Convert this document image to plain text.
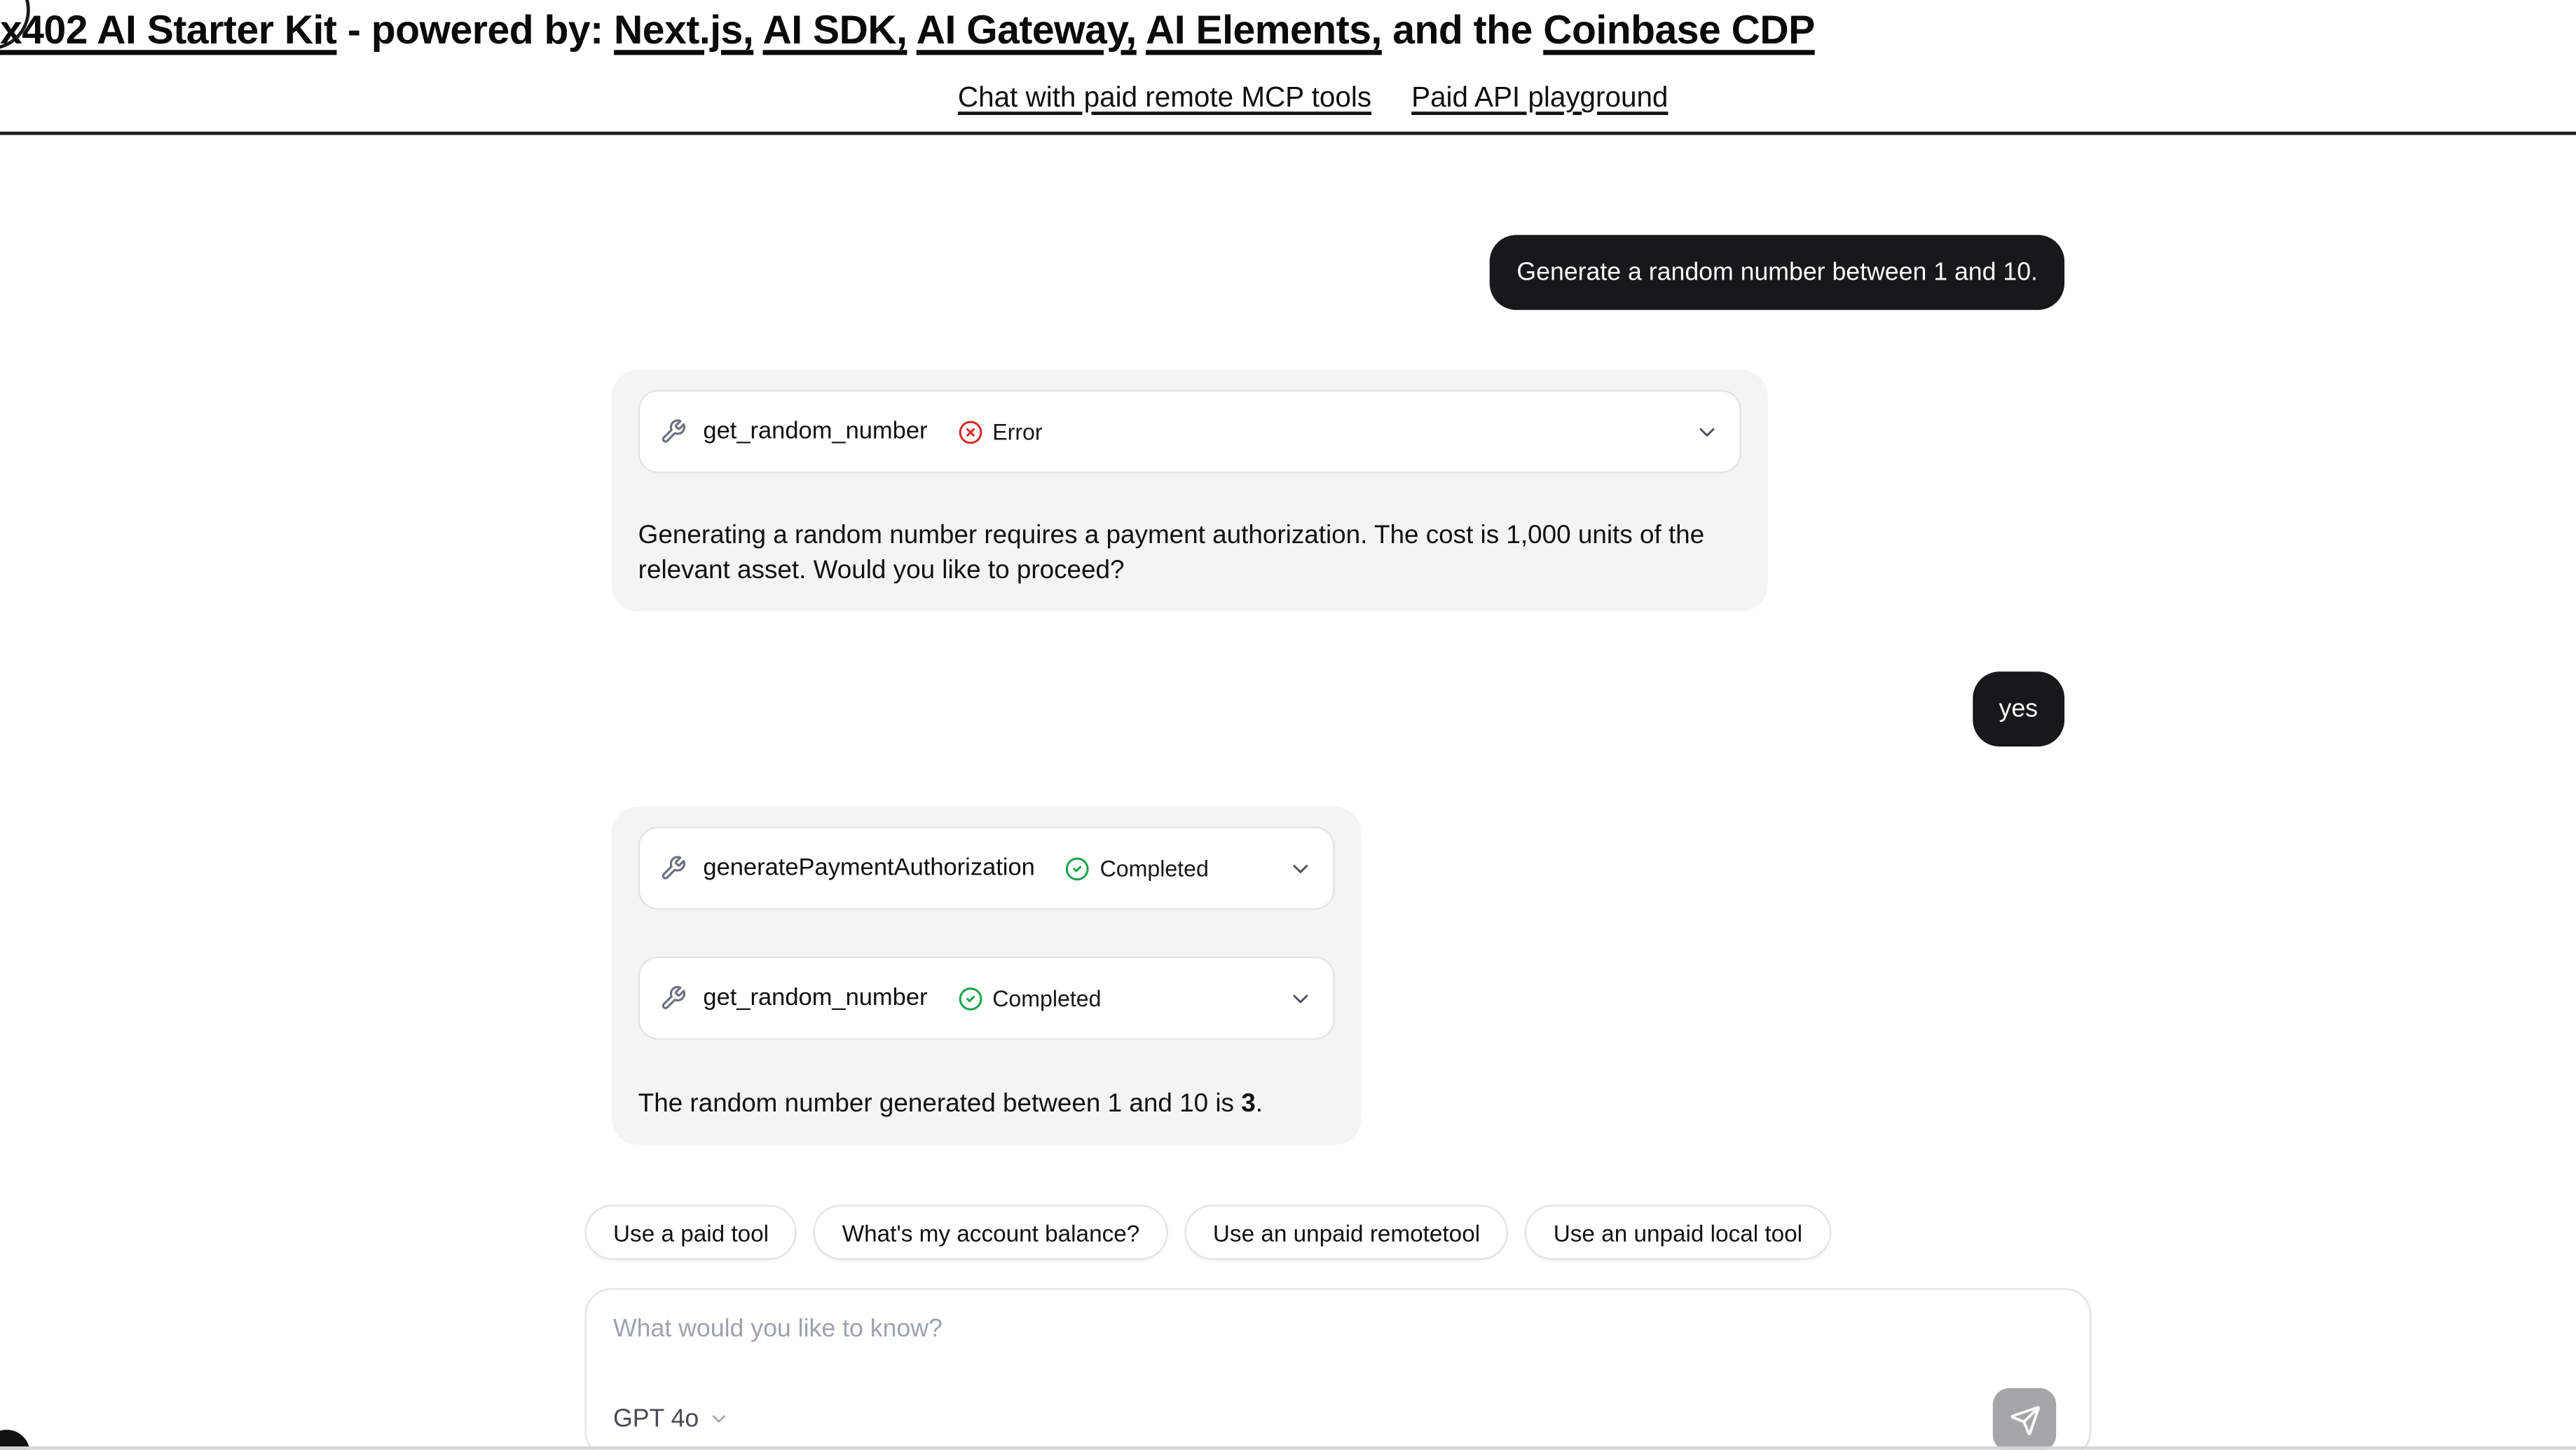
x402 AI Starter Kit - powered by: Next.js, AI SDK, AI Gateway, AI Elements, and the Coinbase CDP
Chat with paid remote MCP tools	Paid API playground
Generate a random number between 1 and 10.
get_random_number	Error
Generating a random number requires a payment authorization. The cost is 1,000 units of the relevant asset. Would you like to proceed?
yes
generatePaymentAuthorization	Completed
get_random_number	Completed
The random number generated between 1 and 10 is 3.
Use a paid tool	What's my account balance?	Use an unpaid remotetool	Use an unpaid local tool
What would you like to know?
GPT 4o
